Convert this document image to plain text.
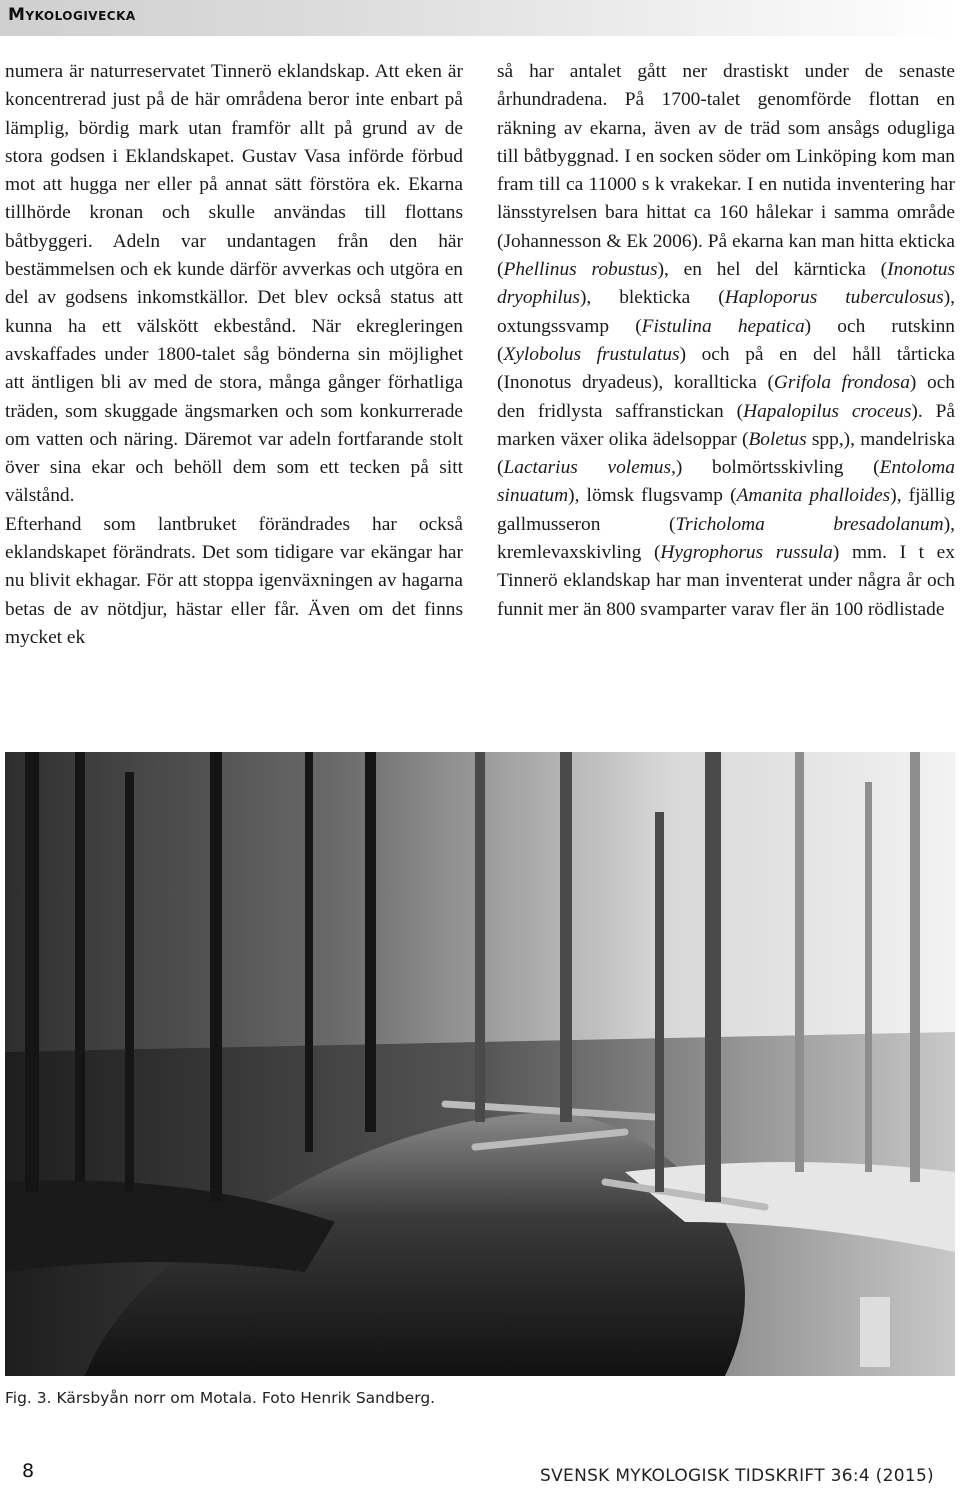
Mykologivecka

numera är naturreservatet Tinnerö eklandskap. Att eken är koncentrerad just på de här områdena beror inte enbart på lämplig, bördig mark utan framför allt på grund av de stora godsen i Eklandskapet. Gustav Vasa införde förbud mot att hugga ner eller på annat sätt förstöra ek. Ekarna tillhörde kronan och skulle användas till flottans båtbyggeri. Adeln var undantagen från den här bestämmelsen och ek kunde därför avverkas och utgöra en del av godsens inkomstkällor. Det blev också status att kunna ha ett välskött ekbestånd. När ekregleringen avskaffades under 1800-talet såg bönderna sin möjlighet att äntligen bli av med de stora, många gånger förhatliga träden, som skuggade ängsmarken och som konkurrerade om vatten och näring. Däremot var adeln fortfarande stolt över sina ekar och behöll dem som ett tecken på sitt välstånd.

Efterhand som lantbruket förändrades har också eklandskapet förändrats. Det som tidigare var ekängar har nu blivit ekhagar. För att stoppa igenväxningen av hagarna betas de av nötdjur, hästar eller får. Även om det finns mycket ek

så har antalet gått ner drastiskt under de senaste århundradena. På 1700-talet genomförde flottan en räkning av ekarna, även av de träd som ansågs odugliga till båtbyggnad. I en socken söder om Linköping kom man fram till ca 11000 s k vrakekar. I en nutida inventering har länsstyrelsen bara hittat ca 160 hålekar i samma område (Johannesson & Ek 2006). På ekarna kan man hitta ekticka (Phellinus robustus), en hel del kärnticka (Inonotus dryophilus), blekticka (Haploporus tuberculosus), oxtungssvamp (Fistulina hepatica) och rutskinn (Xylobolus frustulatus) och på en del håll tårticka (Inonotus dryadeus), korallticka (Grifola frondosa) och den fridlysta saffranstickan (Hapalopilus croceus). På marken växer olika ädelsoppar (Boletus spp,), mandelriska (Lactarius volemus,) bolmörtsskivling (Entoloma sinuatum), lömsk flugsvamp (Amanita phalloides), fjällig gallmusseron (Tricholoma bresadolanum), kremlevaxskivling (Hygrophorus russula) mm. I t ex Tinnerö eklandskap har man inventerat under några år och funnit mer än 800 svamparter varav fler än 100 rödlistade

Fig. 3. Kärsbyån norr om Motala. Foto Henrik Sandberg.
8	SVENSK MYKOLOGISK TIDSKRIFT 36:4 (2015)
